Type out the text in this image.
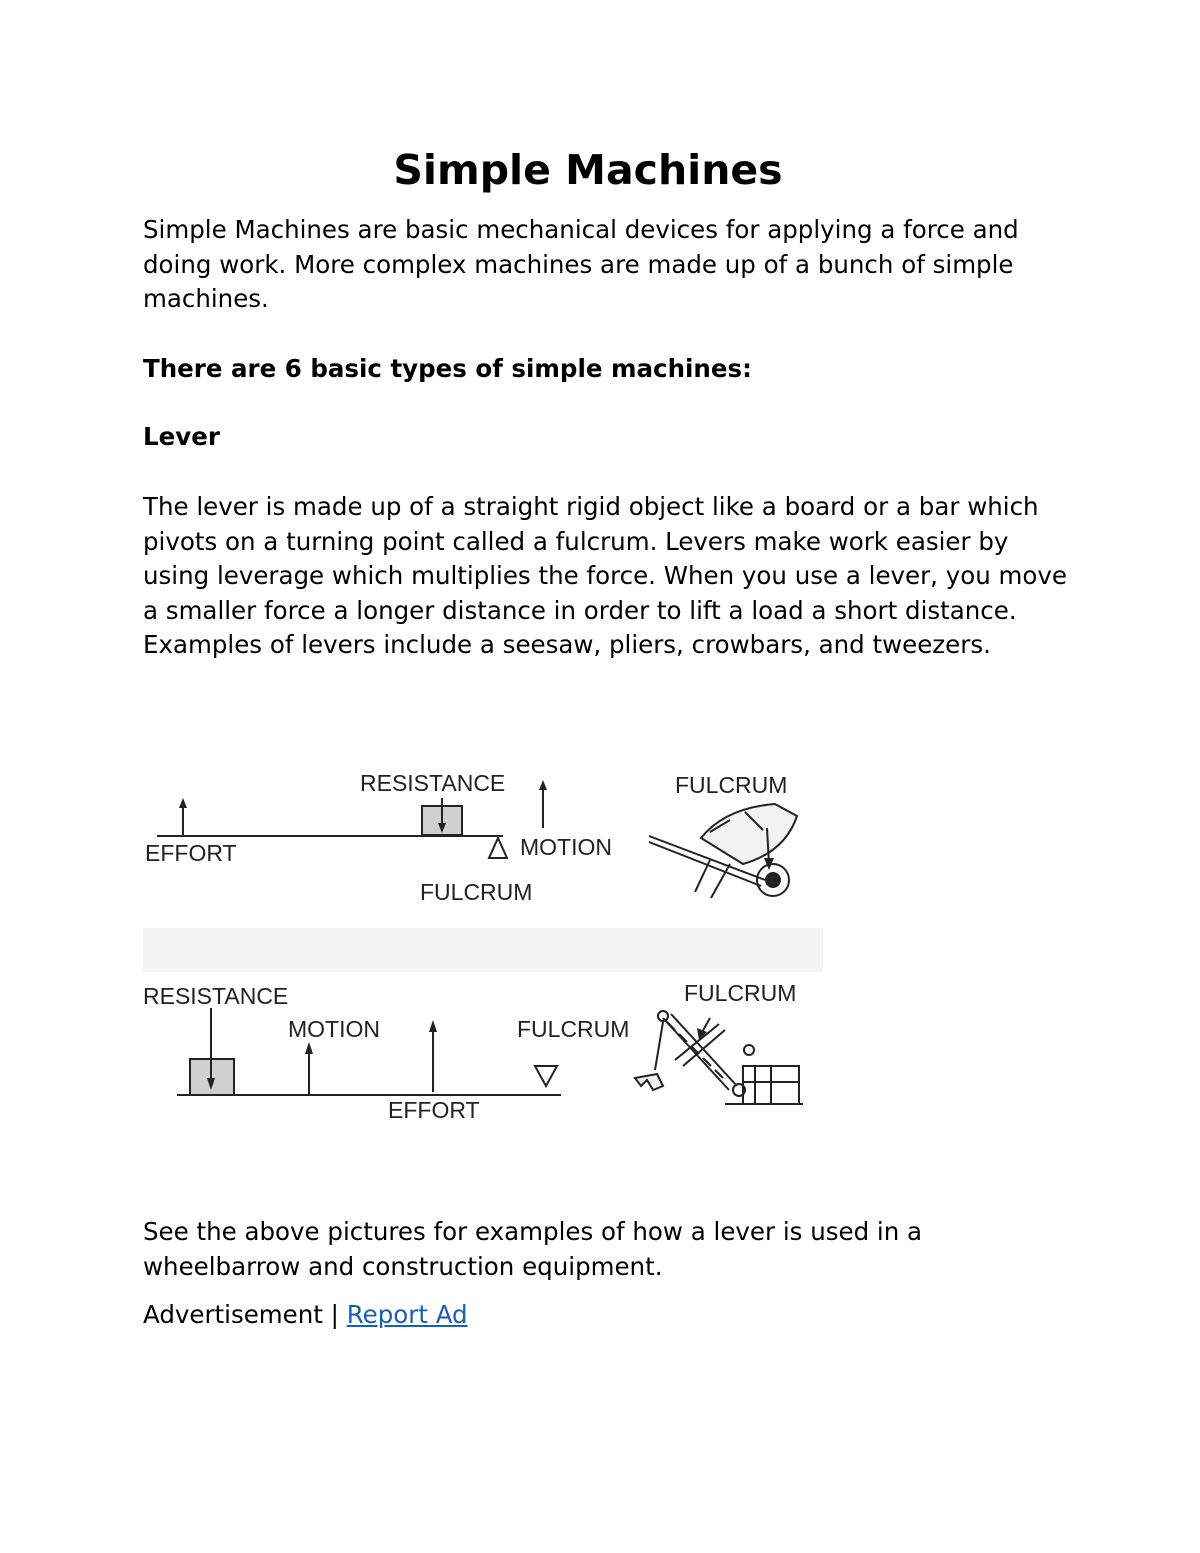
Simple Machines

Simple Machines are basic mechanical devices for applying a force and doing work. More complex machines are made up of a bunch of simple machines.

There are 6 basic types of simple machines:

Lever

The lever is made up of a straight rigid object like a board or a bar which pivots on a turning point called a fulcrum. Levers make work easier by using leverage which multiplies the force. When you use a lever, you move a smaller force a longer distance in order to lift a load a short distance. Examples of levers include a seesaw, pliers, crowbars, and tweezers.

RESISTANCE
EFFORT	MOTION
FULCRUM
FULCRUM
RESISTANCE
MOTION	FULCRUM
EFFORT
FULCRUM

See the above pictures for examples of how a lever is used in a wheelbarrow and construction equipment.

Advertisement | Report Ad
